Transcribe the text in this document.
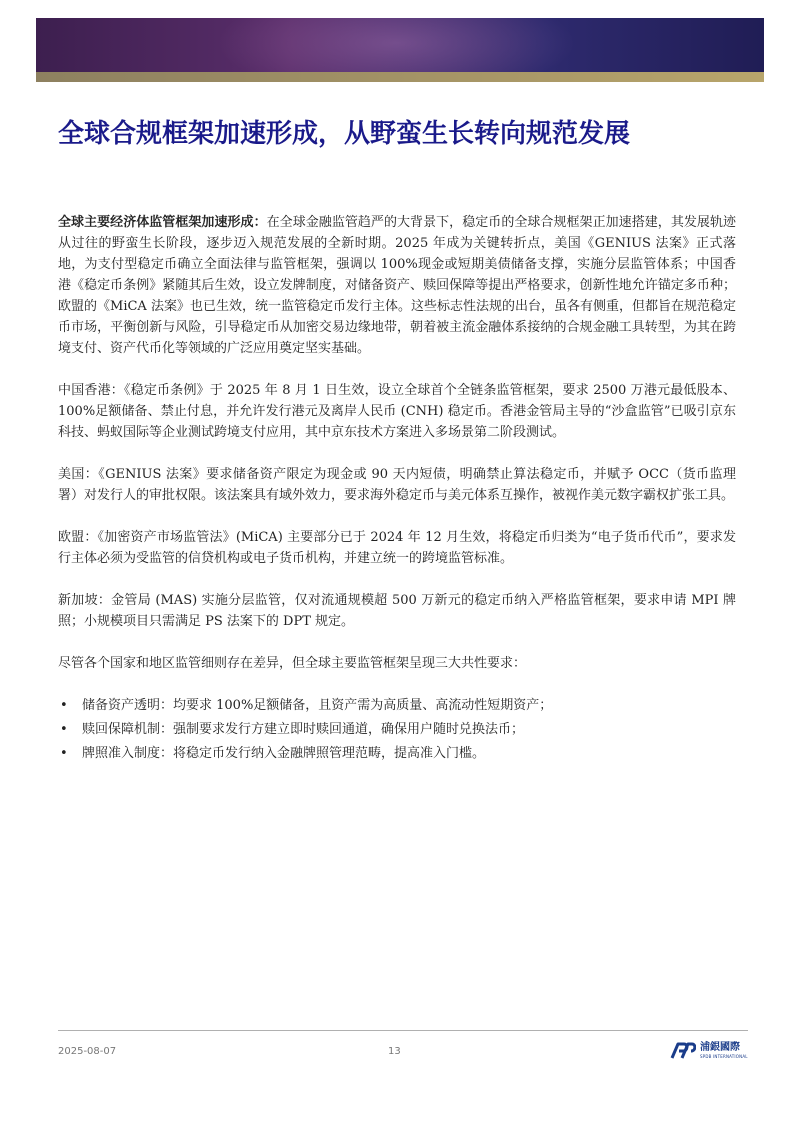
全球合规框架加速形成，从野蛮生长转向规范发展

全球主要经济体监管框架加速形成：在全球金融监管趋严的大背景下，稳定币的全球合规框架正加速搭建，其发展轨迹从过往的野蛮生长阶段，逐步迈入规范发展的全新时期。2025 年成为关键转折点，美国《GENIUS 法案》正式落地，为支付型稳定币确立全面法律与监管框架，强调以 100%现金或短期美债储备支撑，实施分层监管体系；中国香港《稳定币条例》紧随其后生效，设立发牌制度，对储备资产、赎回保障等提出严格要求，创新性地允许锚定多币种；欧盟的《MiCA 法案》也已生效，统一监管稳定币发行主体。这些标志性法规的出台，虽各有侧重，但都旨在规范稳定币市场，平衡创新与风险，引导稳定币从加密交易边缘地带，朝着被主流金融体系接纳的合规金融工具转型，为其在跨境支付、资产代币化等领域的广泛应用奠定坚实基础。

中国香港：《稳定币条例》于 2025 年 8 月 1 日生效，设立全球首个全链条监管框架，要求 2500 万港元最低股本、100%足额储备、禁止付息，并允许发行港元及离岸人民币 (CNH) 稳定币。香港金管局主导的“沙盒监管”已吸引京东科技、蚂蚁国际等企业测试跨境支付应用，其中京东技术方案进入多场景第二阶段测试。

美国：《GENIUS 法案》要求储备资产限定为现金或 90 天内短债，明确禁止算法稳定币，并赋予 OCC（货币监理署）对发行人的审批权限。该法案具有域外效力，要求海外稳定币与美元体系互操作，被视作美元数字霸权扩张工具。

欧盟：《加密资产市场监管法》(MiCA) 主要部分已于 2024 年 12 月生效，将稳定币归类为“电子货币代币”，要求发行主体必须为受监管的信贷机构或电子货币机构，并建立统一的跨境监管标准。

新加坡：金管局 (MAS) 实施分层监管，仅对流通规模超 500 万新元的稳定币纳入严格监管框架，要求申请 MPI 牌照；小规模项目只需满足 PS 法案下的 DPT 规定。

尽管各个国家和地区监管细则存在差异，但全球主要监管框架呈现三大共性要求：

• 储备资产透明：均要求 100%足额储备，且资产需为高质量、高流动性短期资产；
• 赎回保障机制：强制要求发行方建立即时赎回通道，确保用户随时兑换法币；
• 牌照准入制度：将稳定币发行纳入金融牌照管理范畴，提高准入门槛。
2025-08-07	13	浦銀國際
SPDB INTERNATIONAL
